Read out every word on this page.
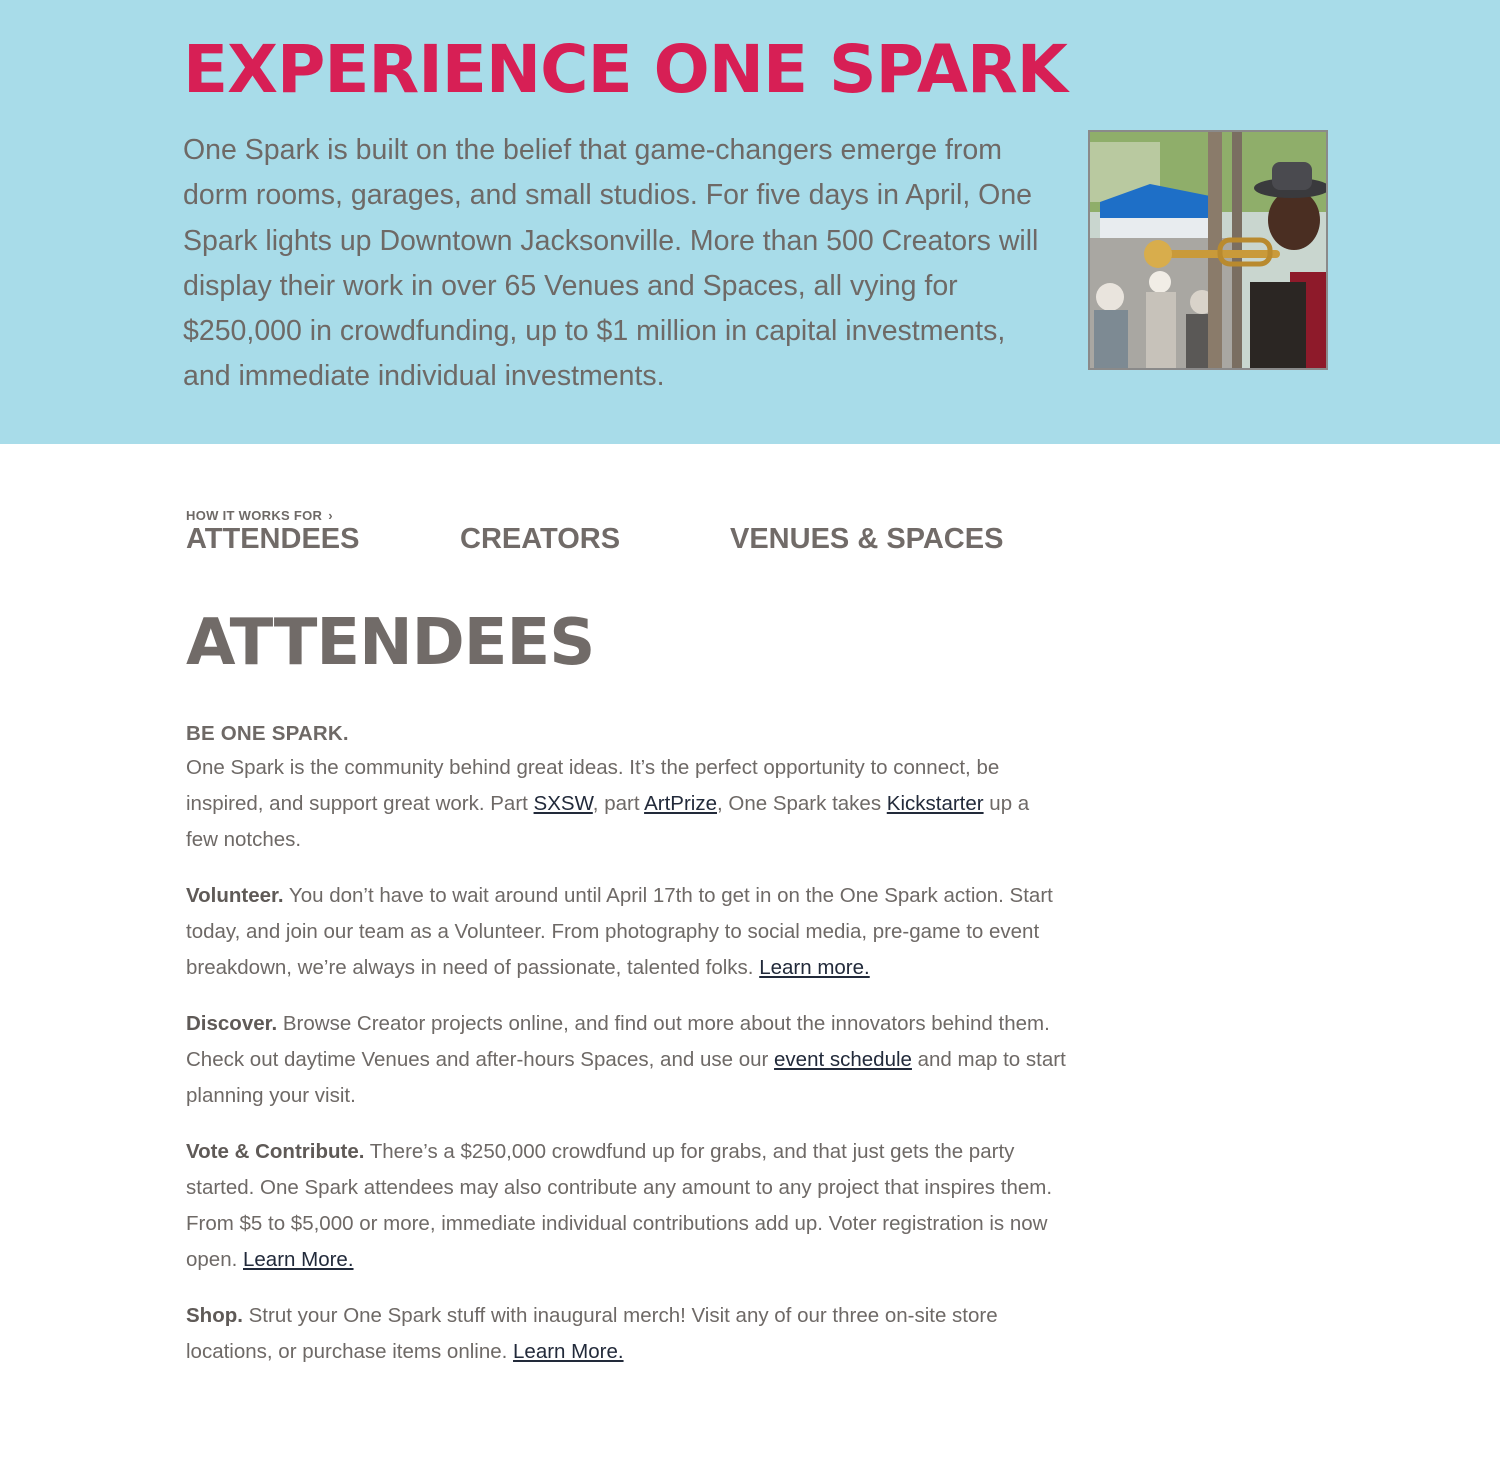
EXPERIENCE ONE SPARK

One Spark is built on the belief that game-changers emerge from dorm rooms, garages, and small studios. For five days in April, One Spark lights up Downtown Jacksonville. More than 500 Creators will display their work in over 65 Venues and Spaces, all vying for $250,000 in crowdfunding, up to $1 million in capital investments, and immediate individual investments.

HOW IT WORKS FOR ›
ATTENDEES	CREATORS	VENUES & SPACES
ATTENDEES

BE ONE SPARK.
One Spark is the community behind great ideas. It’s the perfect opportunity to connect, be inspired, and support great work. Part SXSW, part ArtPrize, One Spark takes Kickstarter up a few notches.

Volunteer. You don’t have to wait around until April 17th to get in on the One Spark action. Start today, and join our team as a Volunteer. From photography to social media, pre-game to event breakdown, we’re always in need of passionate, talented folks. Learn more.

Discover. Browse Creator projects online, and find out more about the innovators behind them. Check out daytime Venues and after-hours Spaces, and use our event schedule and map to start planning your visit.

Vote & Contribute. There’s a $250,000 crowdfund up for grabs, and that just gets the party started. One Spark attendees may also contribute any amount to any project that inspires them. From $5 to $5,000 or more, immediate individual contributions add up. Voter registration is now open. Learn More.

Shop. Strut your One Spark stuff with inaugural merch! Visit any of our three on-site store locations, or purchase items online. Learn More.
